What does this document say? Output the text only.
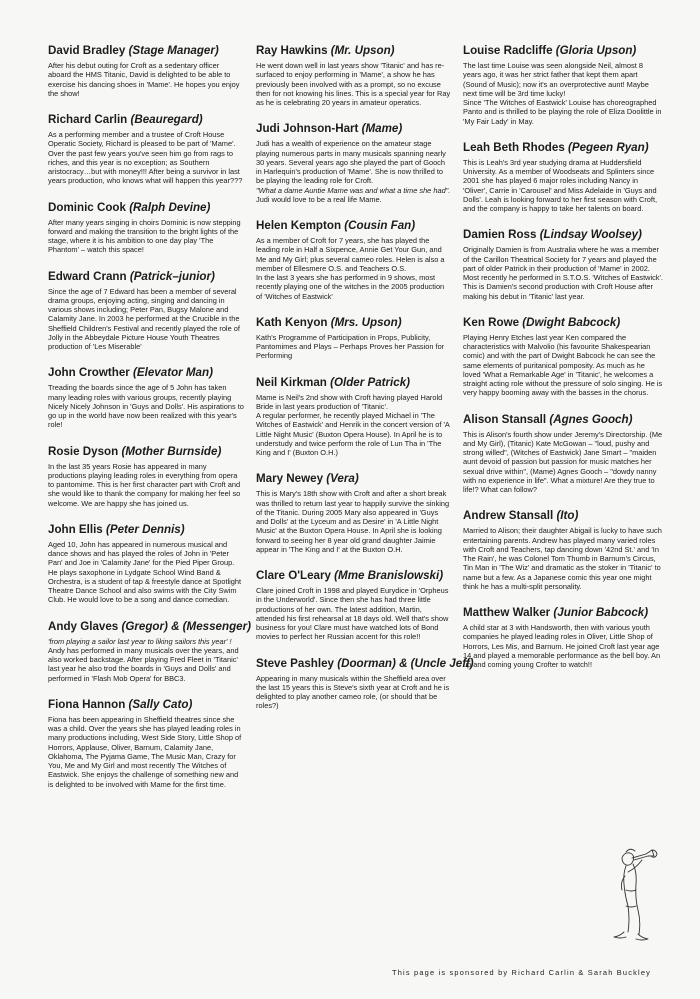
David Bradley (Stage Manager)

After his debut outing for Croft as a sedentary officer aboard the HMS Titanic, David is delighted to be able to exercise his dancing shoes in 'Mame'. He hopes you enjoy the show!

Richard Carlin (Beauregard)

As a performing member and a trustee of Croft House Operatic Society, Richard is pleased to be part of 'Mame'. Over the past few years you've seen him go from rags to riches, and this year is no exception; as Southern aristocracy…but with money!!! After being a survivor in last years production, who knows what will happen this year???

Dominic Cook (Ralph Devine)

After many years singing in choirs Dominic is now stepping forward and making the transition to the bright lights of the stage, where it is his ambition to one day play 'The Phantom' – watch this space!

Edward Crann (Patrick–junior)

Since the age of 7 Edward has been a member of several drama groups, enjoying acting, singing and dancing in various shows including; Peter Pan, Bugsy Malone and Calamity Jane. In 2003 he performed at the Crucible in the Sheffield Children's Festival and recently played the role of Jolly in the Abbeydale Picture House Youth Theatres production of 'Les Miserable'

John Crowther (Elevator Man)

Treading the boards since the age of 5 John has taken many leading roles with various groups, recently playing Nicely Nicely Johnson in 'Guys and Dolls'. His aspirations to go up in the world have now been realized with this year's role!

Rosie Dyson (Mother Burnside)

In the last 35 years Rosie has appeared in many productions playing leading roles in everything from opera to pantomime. This is her first character part with Croft and she would like to thank the company for making her feel so welcome. We are happy she has joined us.

John Ellis (Peter Dennis)

Aged 10, John has appeared in numerous musical and dance shows and has played the roles of John in 'Peter Pan' and Joe in 'Calamity Jane' for the Pied Piper Group. He plays saxophone in Lydgate School Wind Band & Orchestra, is a student of tap & freestyle dance at Spotlight Theatre Dance School and also swims with the City Swim Club. He would love to be a song and dance comedian.

Andy Glaves (Gregor) & (Messenger)
'from playing a sailor last year to liking sailors this year' !

Andy has performed in many musicals over the years, and also worked backstage. After playing Fred Fleet in 'Titanic' last year he also trod the boards in 'Guys and Dolls' and performed in 'Flash Mob Opera' for BBC3.

Fiona Hannon (Sally Cato)

Fiona has been appearing in Sheffield theatres since she was a child. Over the years she has played leading roles in many productions including, West Side Story, Little Shop of Horrors, Applause, Oliver, Barnum, Calamity Jane, Oklahoma, The Pyjama Game, The Music Man, Crazy for You, Me and My Girl and most recently The Witches of Eastwick. She enjoys the challenge of something new and is delighted to be involved with Mame for the first time.

Ray Hawkins (Mr. Upson)

He went down well in last years show 'Titanic' and has re-surfaced to enjoy performing in 'Mame', a show he has previously been involved with as a prompt, so no excuse then for not knowing his lines. This is a special year for Ray as he is celebrating 20 years in amateur operatics.

Judi Johnson-Hart (Mame)

Judi has a wealth of experience on the amateur stage playing numerous parts in many musicals spanning nearly 30 years. Several years ago she played the part of Gooch in Harlequin's production of 'Mame'. She is now thrilled to be playing the leading role for Croft.

"What a dame Auntie Mame was and what a time she had".

Judi would love to be a real life Mame.

Helen Kempton (Cousin Fan)

As a member of Croft for 7 years, she has played the leading role in Half a Sixpence, Annie Get Your Gun, and Me and My Girl; plus several cameo roles. Helen is also a member of Ellesmere O.S. and Teachers O.S.

In the last 3 years she has performed in 9 shows, most recently playing one of the witches in the 2005 production of 'Witches of Eastwick'

Kath Kenyon (Mrs. Upson)

Kath's Programme of Participation in Props, Publicity, Pantomimes and Plays – Perhaps Proves her Passion for Performing

Neil Kirkman (Older Patrick)

Mame is Neil's 2nd show with Croft having played Harold Bride in last years production of 'Titanic'.

A regular performer, he recently played Michael in 'The Witches of Eastwick' and Henrik in the concert version of 'A Little Night Music' (Buxton Opera House). In April he is to understudy and twice perform the role of Lun Tha in 'The King and I' (Buxton O.H.)

Mary Newey (Vera)

This is Mary's 18th show with Croft and after a short break was thrilled to return last year to happily survive the sinking of the Titanic. During 2005 Mary also appeared in 'Guys and Dolls' at the Lyceum and as Desire' in 'A Little Night Music' at the Buxton Opera House. In April she is looking forward to seeing her 8 year old grand daughter Jaimie appear in 'The King and I' at the Buxton O.H.

Clare O'Leary (Mme Branislowski)

Clare joined Croft in 1998 and played Eurydice in 'Orpheus in the Underworld'. Since then she has had three little productions of her own. The latest addition, Martin, attended his first rehearsal at 18 days old. Well that's show business for you! Clare must have watched lots of Bond movies to perfect her Russian accent for this role!!

Steve Pashley (Doorman) & (Uncle Jeff)

Appearing in many musicals within the Sheffield area over the last 15 years this is Steve's sixth year at Croft and he is delighted to play another cameo role, (or should that be roles?)

Louise Radcliffe (Gloria Upson)

The last time Louise was seen alongside Neil, almost 8 years ago, it was her strict father that kept them apart (Sound of Music); now it's an overprotective aunt! Maybe next time will be 3rd time lucky!

Since 'The Witches of Eastwick' Louise has choreographed Panto and is thrilled to be playing the role of Eliza Doolittle in 'My Fair Lady' in May.

Leah Beth Rhodes (Pegeen Ryan)

This is Leah's 3rd year studying drama at Huddersfield University. As a member of Woodseats and Splinters since 2001 she has played 6 major roles including Nancy in 'Oliver', Carrie in 'Carousel' and Miss Adelaide in 'Guys and Dolls'. Leah is looking forward to her first season with Croft, and the company is happy to take her talents on board.

Damien Ross (Lindsay Woolsey)

Originally Damien is from Australia where he was a member of the Carillon Theatrical Society for 7 years and played the part of older Patrick in their production of 'Mame' in 2002. Most recently he performed in S.T.O.S. 'Witches of Eastwick'. This is Damien's second production with Croft House after making his debut in 'Titanic' last year.

Ken Rowe (Dwight Babcock)

Playing Henry Etches last year Ken compared the characteristics with Malvolio (his favourite Shakespearian comic) and with the part of Dwight Babcock he can see the same elements of puritanical pomposity. As much as he loved 'What a Remarkable Age' in 'Titanic', he welcomes a straight acting role without the pressure of solo singing. He is very happy booming away with the basses in the chorus.

Alison Stansall (Agnes Gooch)

This is Alison's fourth show under Jeremy's Directorship. (Me and My Girl), (Titanic) Kate McGowan – "loud, pushy and strong willed", (Witches of Eastwick) Jane Smart – "maiden aunt devoid of passion but passion for music matches her sexual drive within", (Mame) Agnes Gooch – "dowdy nanny with no experience in life". What a mixture! Are they true to life!? What can follow?

Andrew Stansall (Ito)

Married to Alison; their daughter Abigail is lucky to have such entertaining parents. Andrew has played many varied roles with Croft and Teachers, tap dancing down '42nd St.' and 'In The Rain', he was Colonel Tom Thumb in Barnum's Circus, Tin Man in 'The Wiz' and dramatic as the stoker in 'Titanic' to name but a few. As a Japanese comic this year one might think he has a multi-split personality.

Matthew Walker (Junior Babcock)

A child star at 3 with Handsworth, then with various youth companies he played leading roles in Oliver, Little Shop of Horrors, Les Mis, and Barnum. He joined Croft last year age 14 and played a memorable performance as the bell boy. An up and coming young Crofter to watch!!

This page is sponsored by Richard Carlin & Sarah Buckley
